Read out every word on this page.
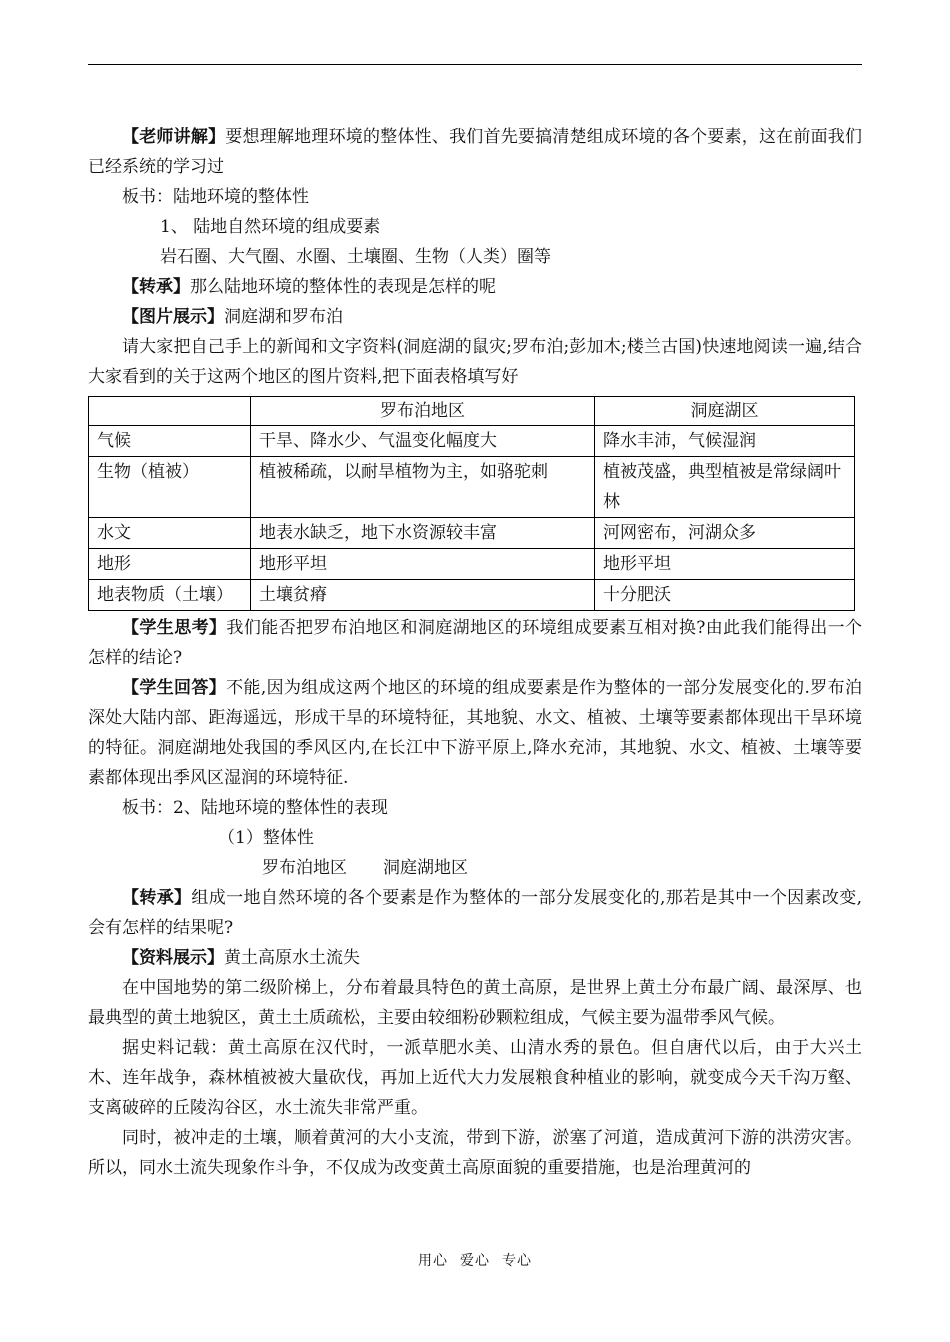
【老师讲解】要想理解地理环境的整体性、我们首先要搞清楚组成环境的各个要素，这在前面我们已经系统的学习过

板书：陆地环境的整体性

1、 陆地自然环境的组成要素

岩石圈、大气圈、水圈、土壤圈、生物（人类）圈等

【转承】那么陆地环境的整体性的表现是怎样的呢

【图片展示】洞庭湖和罗布泊

请大家把自己手上的新闻和文字资料(洞庭湖的鼠灾;罗布泊;彭加木;楼兰古国)快速地阅读一遍,结合大家看到的关于这两个地区的图片资料,把下面表格填写好

	罗布泊地区	洞庭湖区
气候	干旱、降水少、气温变化幅度大	降水丰沛，气候湿润
生物（植被）	植被稀疏，以耐旱植物为主，如骆驼刺	植被茂盛，典型植被是常绿阔叶林
水文	地表水缺乏，地下水资源较丰富	河网密布，河湖众多
地形	地形平坦	地形平坦
地表物质（土壤）	土壤贫瘠	十分肥沃

【学生思考】我们能否把罗布泊地区和洞庭湖地区的环境组成要素互相对换?由此我们能得出一个怎样的结论?

【学生回答】不能,因为组成这两个地区的环境的组成要素是作为整体的一部分发展变化的.罗布泊深处大陆内部、距海遥远，形成干旱的环境特征，其地貌、水文、植被、土壤等要素都体现出干旱环境的特征。洞庭湖地处我国的季风区内,在长江中下游平原上,降水充沛，其地貌、水文、植被、土壤等要素都体现出季风区湿润的环境特征.

板书：2、陆地环境的整体性的表现

（1）整体性

罗布泊地区 洞庭湖地区

【转承】组成一地自然环境的各个要素是作为整体的一部分发展变化的,那若是其中一个因素改变,会有怎样的结果呢?

【资料展示】黄土高原水土流失

在中国地势的第二级阶梯上，分布着最具特色的黄土高原，是世界上黄土分布最广阔、最深厚、也最典型的黄土地貌区，黄土土质疏松，主要由较细粉砂颗粒组成，气候主要为温带季风气候。

据史料记载：黄土高原在汉代时，一派草肥水美、山清水秀的景色。但自唐代以后，由于大兴土木、连年战争，森林植被被大量砍伐，再加上近代大力发展粮食种植业的影响，就变成今天千沟万壑、支离破碎的丘陵沟谷区，水土流失非常严重。

同时，被冲走的土壤，顺着黄河的大小支流，带到下游，淤塞了河道，造成黄河下游的洪涝灾害。所以，同水土流失现象作斗争，不仅成为改变黄土高原面貌的重要措施，也是治理黄河的

用心 爱心 专心
